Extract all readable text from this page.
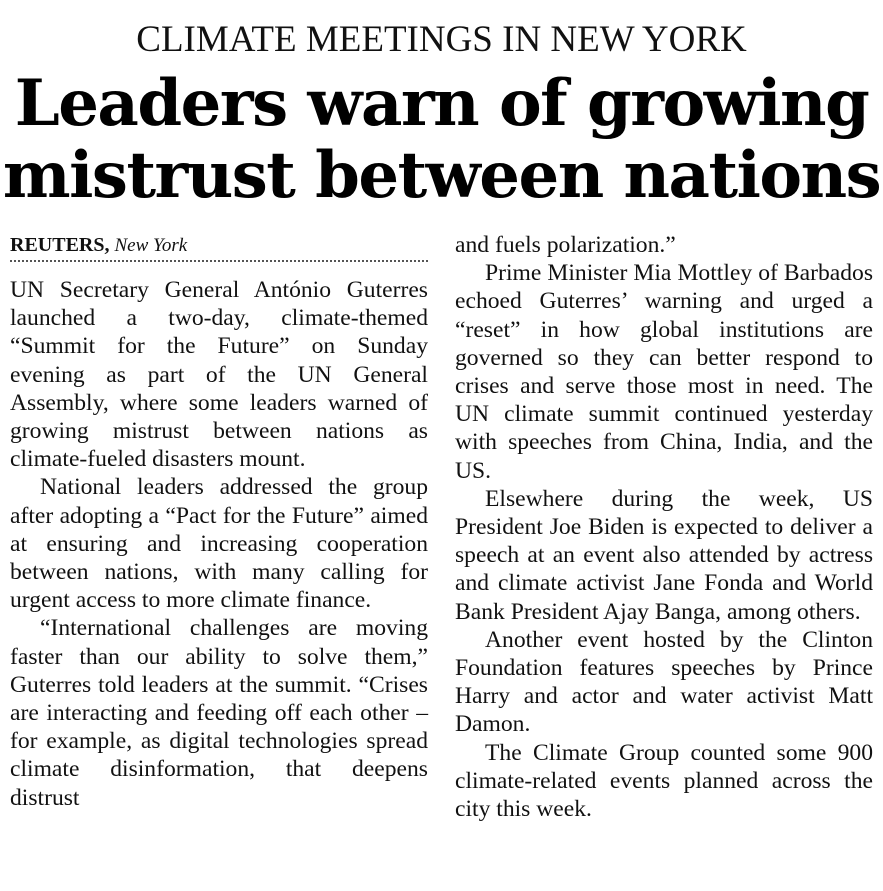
CLIMATE MEETINGS IN NEW YORK
Leaders warn of growing
mistrust between nations
REUTERS, New York

UN Secretary General António Guterres launched a two-day, climate-themed “Summit for the Future” on Sunday evening as part of the UN General Assembly, where some leaders warned of growing mistrust between nations as climate-fueled disasters mount.

National leaders addressed the group after adopting a “Pact for the Future” aimed at ensuring and increasing cooperation between nations, with many calling for urgent access to more climate finance.

“International challenges are moving faster than our ability to solve them,” Guterres told leaders at the summit. “Crises are interacting and feeding off each other – for example, as digital technologies spread climate disinformation, that deepens distrust

and fuels polarization.”

Prime Minister Mia Mottley of Barbados echoed Guterres’ warning and urged a “reset” in how global institutions are governed so they can better respond to crises and serve those most in need. The UN climate summit continued yesterday with speeches from China, India, and the US.

Elsewhere during the week, US President Joe Biden is expected to deliver a speech at an event also attended by actress and climate activist Jane Fonda and World Bank President Ajay Banga, among others.

Another event hosted by the Clinton Foundation features speeches by Prince Harry and actor and water activist Matt Damon.

The Climate Group counted some 900 climate-related events planned across the city this week.
